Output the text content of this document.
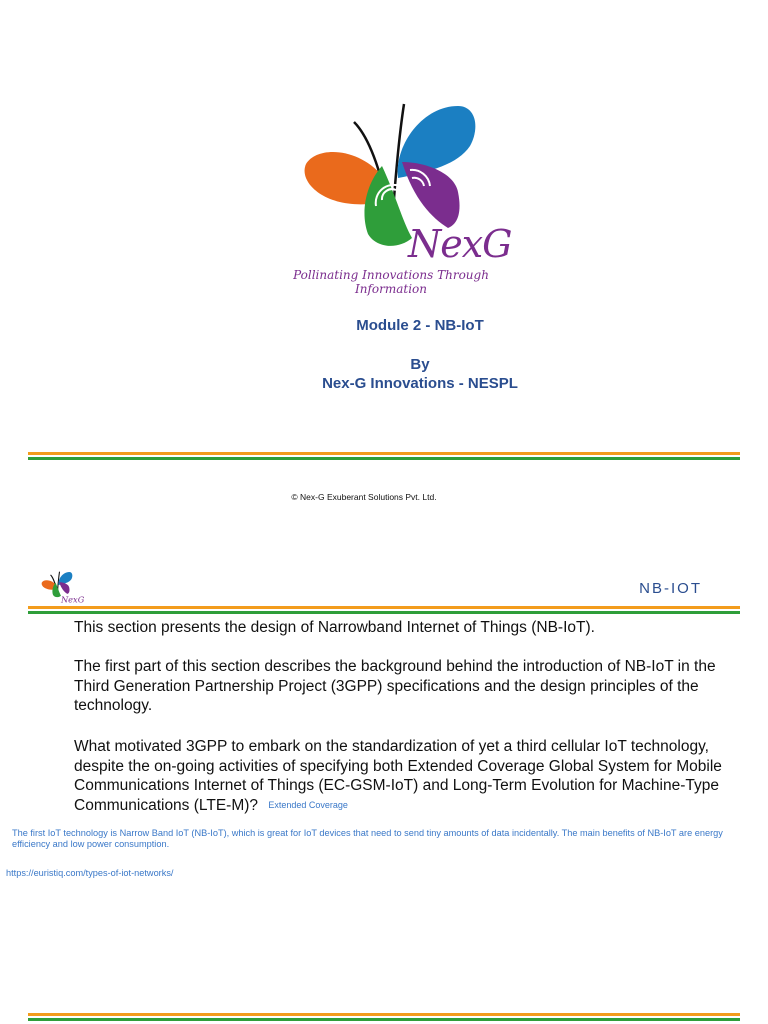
NexG
Pollinating Innovations Through Information
Module 2 - NB-IoT
By
Nex-G Innovations - NESPL
© Nex-G Exuberant Solutions Pvt. Ltd.
NexG
NB-IOT
This section presents the design of Narrowband Internet of Things (NB-IoT).
The first part of this section describes the background behind the introduction of NB-IoT in the Third Generation Partnership Project (3GPP) specifications and the design principles of the technology.
What motivated 3GPP to embark on the standardization of yet a third cellular IoT technology, despite the on-going activities of specifying both Extended Coverage Global System for Mobile Communications Internet of Things (EC-GSM-IoT) and Long-Term Evolution for Machine-Type Communications (LTE-M)? $^{Extended Coverage}$
The first IoT technology is Narrow Band IoT (NB-IoT), which is great for IoT devices that need to send tiny amounts of data incidentally. The main benefits of NB-IoT are energy efficiency and low power consumption.
https://euristiq.com/types-of-iot-networks/
